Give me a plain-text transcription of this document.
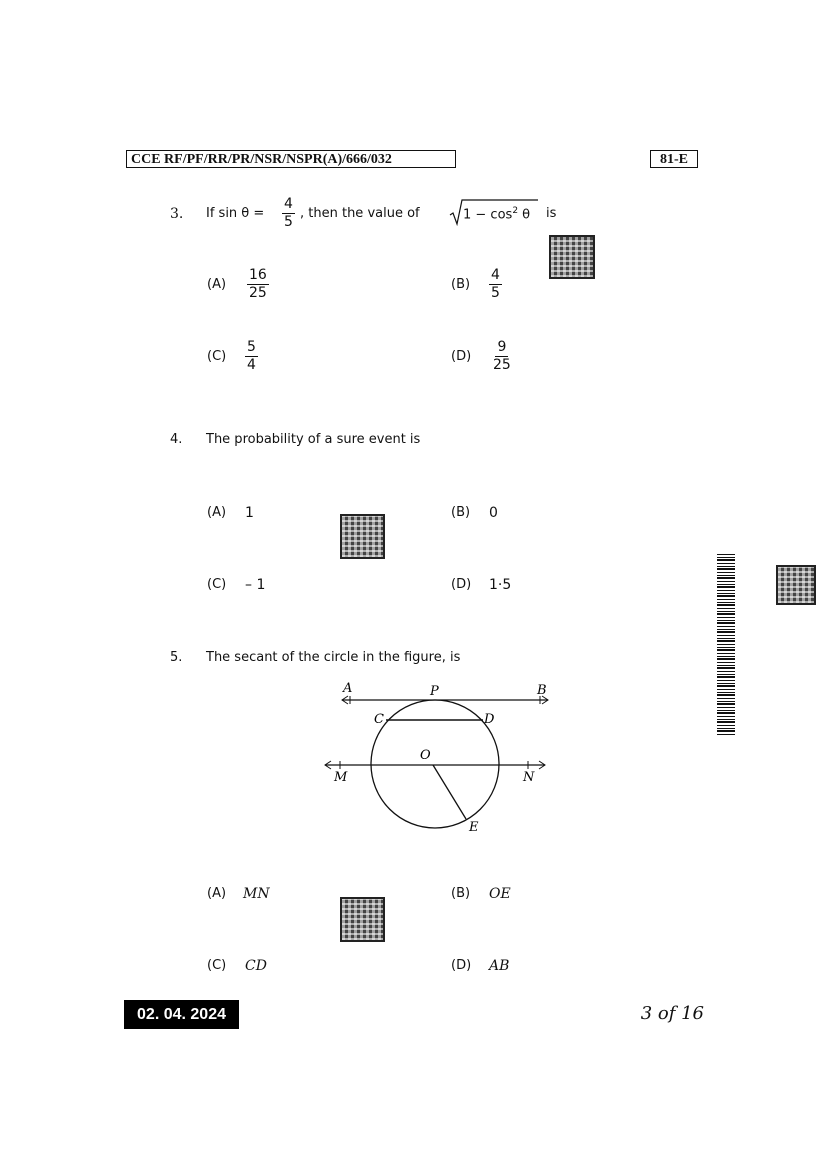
CCE RF/PF/RR/PR/NSR/NSPR(A)/666/032	81-E
3. If $\sin \theta = \frac{4}{5}$ , then the value of	$1 - \cos^2 \theta$ is
$(A) \frac{16}{25}$	$(B) \frac{4}{5}$
$(C) \frac{5}{4}$	$(D) \frac{9}{25}$
4. The probability of a sure event is
(A) 1	(B) 0
(C) – 1	(D) 1·5
5. The secant of the circle in the figure, is
A	P	B
C	D
O
M	N
E
(A) MN	(B) OE
(C) CD	(D) AB
02. 04. 2024	3 of 16
